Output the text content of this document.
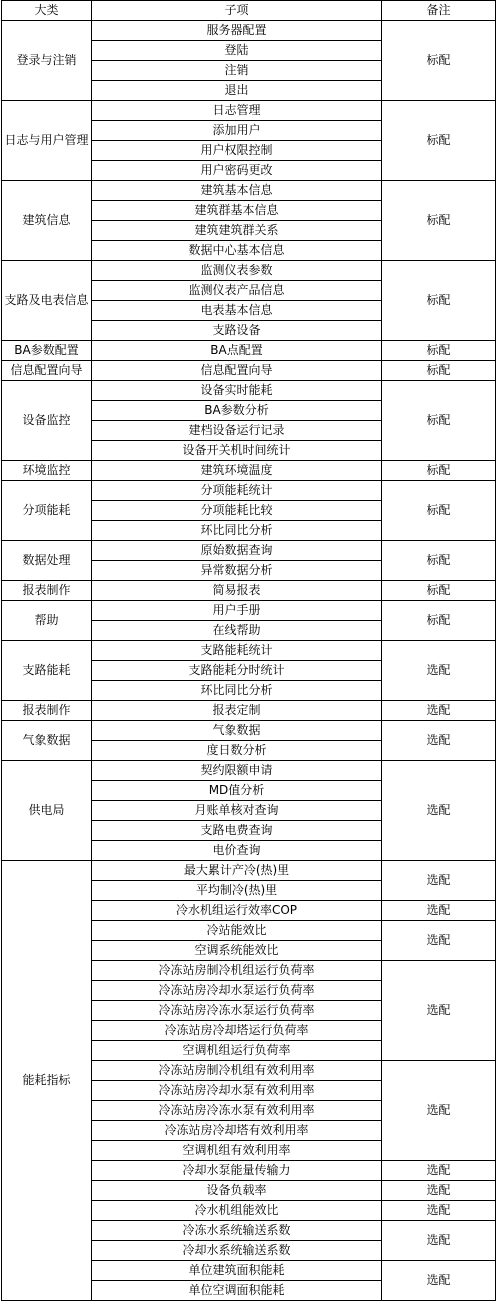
大类	子项	备注
登录与注销	服务器配置	标配
	登陆	
	注销	
	退出	
日志与用户管理	日志管理	标配
	添加用户	
	用户权限控制	
	用户密码更改	
建筑信息	建筑基本信息	标配
	建筑群基本信息	
	建筑建筑群关系	
	数据中心基本信息	
支路及电表信息	监测仪表参数	标配
	监测仪表产品信息	
	电表基本信息	
	支路设备	
BA参数配置	BA点配置	标配
信息配置向导	信息配置向导	标配
设备监控	设备实时能耗	标配
	BA参数分析	
	建档设备运行记录	
	设备开关机时间统计	
环境监控	建筑环境温度	标配
分项能耗	分项能耗统计	标配
	分项能耗比较	
	环比同比分析	
数据处理	原始数据查询	标配
	异常数据分析	
报表制作	简易报表	标配
帮助	用户手册	标配
	在线帮助	
支路能耗	支路能耗统计	选配
	支路能耗分时统计	
	环比同比分析	
报表制作	报表定制	选配
气象数据	气象数据	选配
	度日数分析	
供电局	契约限额申请	选配
	MD值分析	
	月账单核对查询	
	支路电费查询	
	电价查询	
能耗指标	最大累计产冷(热)里	选配
	平均制冷(热)里	
	冷水机组运行效率COP	选配
	冷站能效比	选配
	空调系统能效比	
	冷冻站房制冷机组运行负荷率	选配
	冷冻站房冷却水泵运行负荷率	
	冷冻站房冷冻水泵运行负荷率	
	冷冻站房冷却塔运行负荷率	
	空调机组运行负荷率	
	冷冻站房制冷机组有效利用率	选配
	冷冻站房冷却水泵有效利用率	
	冷冻站房冷冻水泵有效利用率	
	冷冻站房冷却塔有效利用率	
	空调机组有效利用率	
	冷却水泵能量传输力	选配
	设备负载率	选配
	冷水机组能效比	选配
	冷冻水系统输送系数	选配
	冷却水系统输送系数	
	单位建筑面积能耗	选配
	单位空调面积能耗	
